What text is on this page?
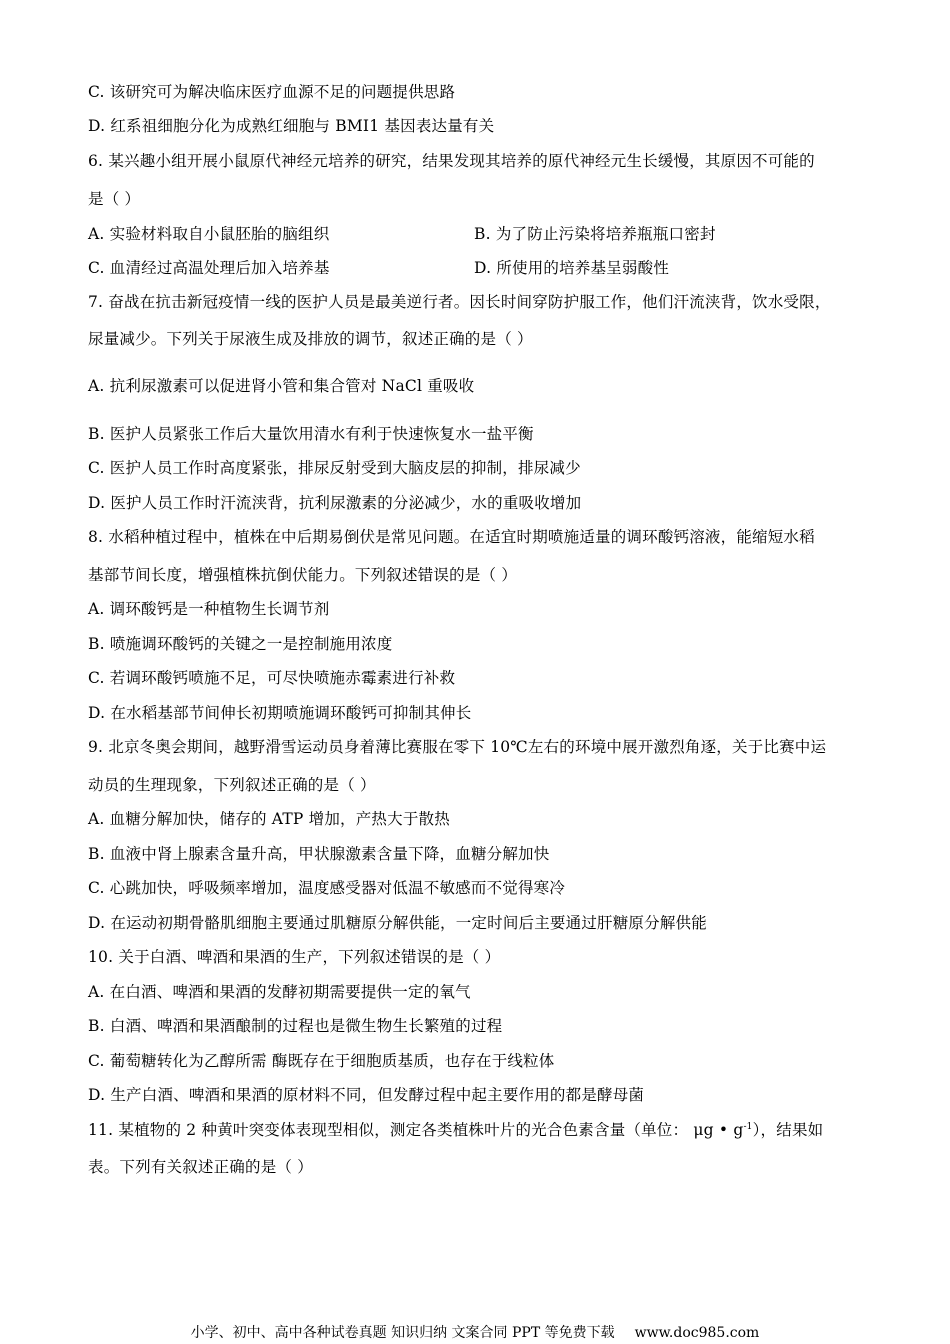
C. 该研究可为解决临床医疗血源不足的问题提供思路
D. 红系祖细胞分化为成熟红细胞与 BMI1 基因表达量有关
6. 某兴趣小组开展小鼠原代神经元培养的研究，结果发现其培养的原代神经元生长缓慢，其原因不可能的
是（ ）
A. 实验材料取自小鼠胚胎的脑组织	B. 为了防止污染将培养瓶瓶口密封
C. 血清经过高温处理后加入培养基	D. 所使用的培养基呈弱酸性
7. 奋战在抗击新冠疫情一线的医护人员是最美逆行者。因长时间穿防护服工作，他们汗流浃背，饮水受限，
尿量减少。下列关于尿液生成及排放的调节，叙述正确的是（ ）
A. 抗利尿激素可以促进肾小管和集合管对 NaCl 重吸收
B. 医护人员紧张工作后大量饮用清水有利于快速恢复水一盐平衡
C. 医护人员工作时高度紧张，排尿反射受到大脑皮层的抑制，排尿减少
D. 医护人员工作时汗流浃背，抗利尿激素的分泌减少，水的重吸收增加
8. 水稻种植过程中，植株在中后期易倒伏是常见问题。在适宜时期喷施适量的调环酸钙溶液，能缩短水稻
基部节间长度，增强植株抗倒伏能力。下列叙述错误的是（ ）
A. 调环酸钙是一种植物生长调节剂
B. 喷施调环酸钙的关键之一是控制施用浓度
C. 若调环酸钙喷施不足，可尽快喷施赤霉素进行补救
D. 在水稻基部节间伸长初期喷施调环酸钙可抑制其伸长
9. 北京冬奥会期间，越野滑雪运动员身着薄比赛服在零下 10℃左右的环境中展开激烈角逐，关于比赛中运
动员的生理现象，下列叙述正确的是（ ）
A. 血糖分解加快，储存的 ATP 增加，产热大于散热
B. 血液中肾上腺素含量升高，甲状腺激素含量下降，血糖分解加快
C. 心跳加快，呼吸频率增加，温度感受器对低温不敏感而不觉得寒冷
D. 在运动初期骨骼肌细胞主要通过肌糖原分解供能，一定时间后主要通过肝糖原分解供能
10. 关于白酒、啤酒和果酒的生产，下列叙述错误的是（ ）
A. 在白酒、啤酒和果酒的发酵初期需要提供一定的氧气
B. 白酒、啤酒和果酒酿制的过程也是微生物生长繁殖的过程
C. 葡萄糖转化为乙醇所需 酶既存在于细胞质基质，也存在于线粒体
D. 生产白酒、啤酒和果酒的原材料不同，但发酵过程中起主要作用的都是酵母菌
11. 某植物的 2 种黄叶突变体表现型相似，测定各类植株叶片的光合色素含量（单位： μg • $g^{-1}$），结果如
表。下列有关叙述正确的是（ ）
小学、初中、高中各种试卷真题 知识归纳 文案合同 PPT 等免费下载 www.doc985.com
